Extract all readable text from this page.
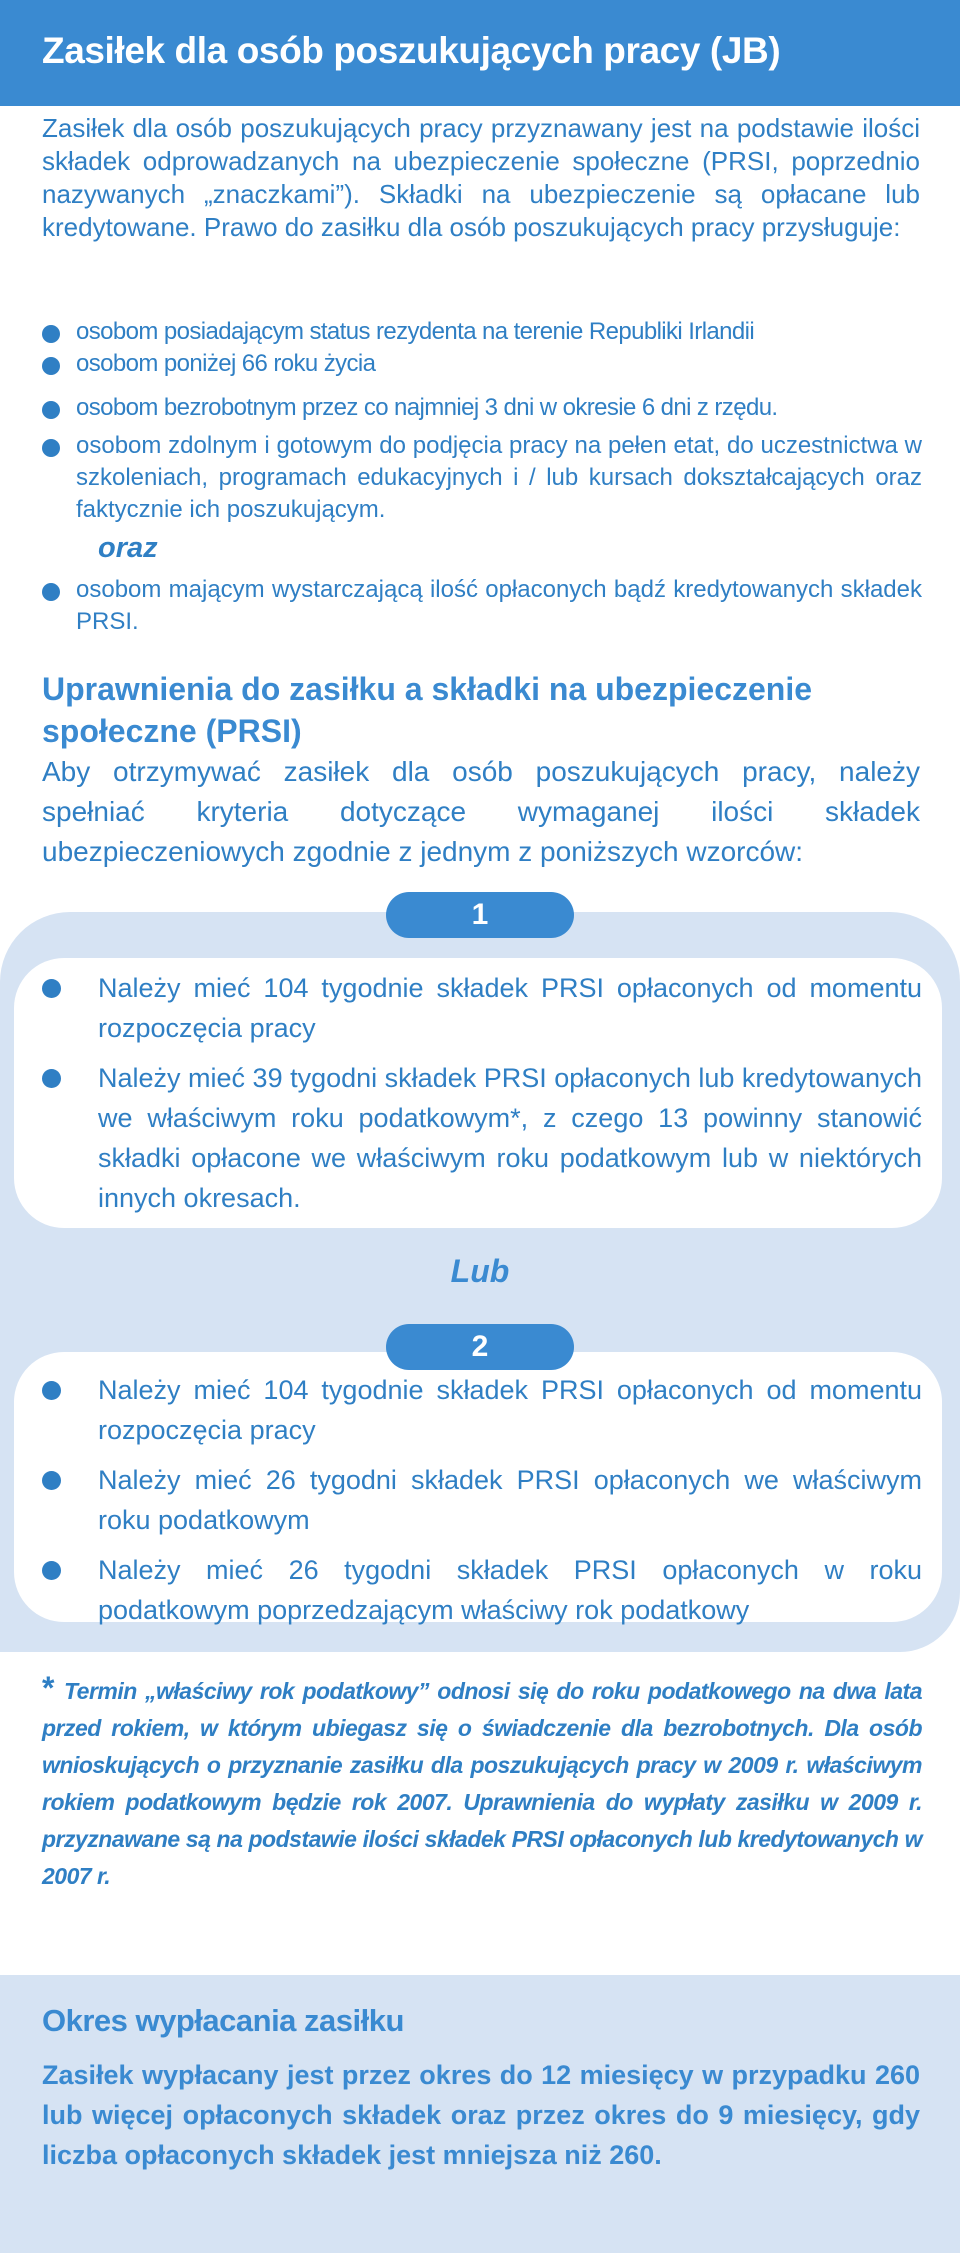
Zasiłek dla osób poszukujących pracy (JB)

Zasiłek dla osób poszukujących pracy przyznawany jest na podstawie ilości składek odprowadzanych na ubezpieczenie społeczne (PRSI, poprzednio nazywanych „znaczkami”). Składki na ubezpieczenie są opłacane lub kredytowane. Prawo do zasiłku dla osób poszukujących pracy przysługuje:

osobom posiadającym status rezydenta na terenie Republiki Irlandii
osobom poniżej 66 roku życia
osobom bezrobotnym przez co najmniej 3 dni w okresie 6 dni z rzędu.
osobom zdolnym i gotowym do podjęcia pracy na pełen etat, do uczestnictwa w szkoleniach, programach edukacyjnych i / lub kursach dokształcających oraz faktycznie ich poszukującym.

oraz

osobom mającym wystarczającą ilość opłaconych bądź kredytowanych składek PRSI.
Uprawnienia do zasiłku a składki na ubezpieczenie społeczne (PRSI)

Aby otrzymywać zasiłek dla osób poszukujących pracy, należy spełniać kryteria dotyczące wymaganej ilości składek ubezpieczeniowych zgodnie z jednym z poniższych wzorców:

1
Należy mieć 104 tygodnie składek PRSI opłaconych od momentu rozpoczęcia pracy
Należy mieć 39 tygodni składek PRSI opłaconych lub kredytowanych we właściwym roku podatkowym*, z czego 13 powinny stanowić składki opłacone we właściwym roku podatkowym lub w niektórych innych okresach.

Lub

2
Należy mieć 104 tygodnie składek PRSI opłaconych od momentu rozpoczęcia pracy
Należy mieć 26 tygodni składek PRSI opłaconych we właściwym roku podatkowym
Należy mieć 26 tygodni składek PRSI opłaconych w roku podatkowym poprzedzającym właściwy rok podatkowy

* Termin „właściwy rok podatkowy” odnosi się do roku podatkowego na dwa lata przed rokiem, w którym ubiegasz się o świadczenie dla bezrobotnych. Dla osób wnioskujących o przyznanie zasiłku dla poszukujących pracy w 2009 r. właściwym rokiem podatkowym będzie rok 2007. Uprawnienia do wypłaty zasiłku w 2009 r. przyznawane są na podstawie ilości składek PRSI opłaconych lub kredytowanych w 2007 r.

Okres wypłacania zasiłku

Zasiłek wypłacany jest przez okres do 12 miesięcy w przypadku 260 lub więcej opłaconych składek oraz przez okres do 9 miesięcy, gdy liczba opłaconych składek jest mniejsza niż 260.
